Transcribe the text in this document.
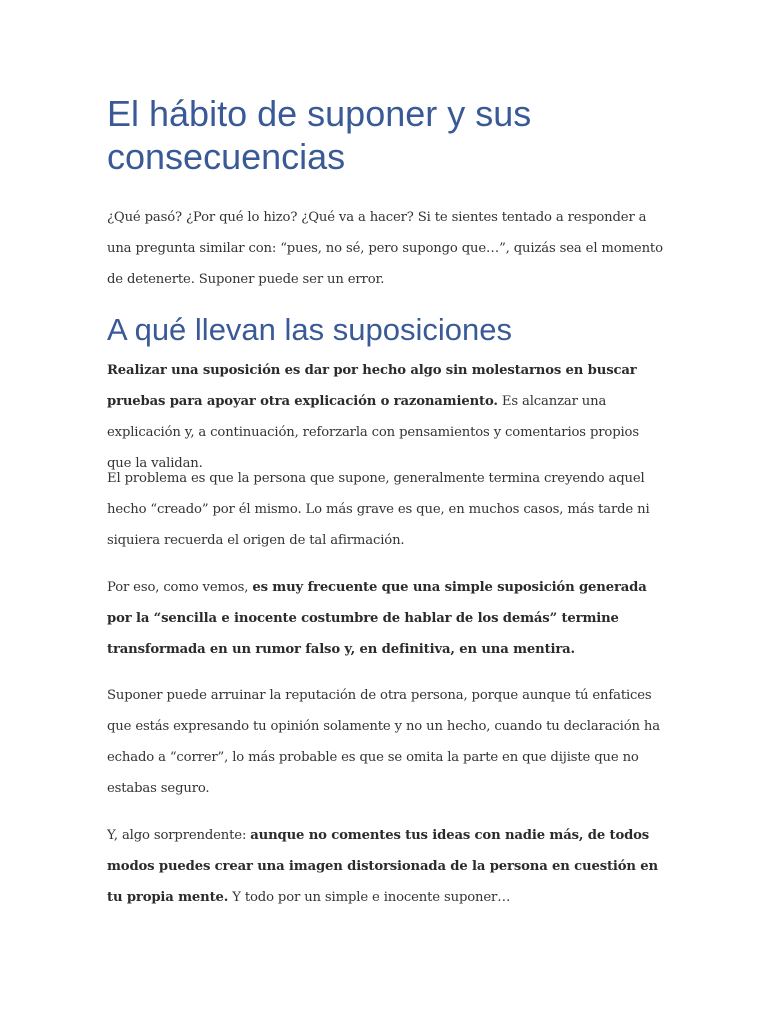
El hábito de suponer y sus consecuencias

¿Qué pasó? ¿Por qué lo hizo? ¿Qué va a hacer? Si te sientes tentado a responder a una pregunta similar con: “pues, no sé, pero supongo que…”, quizás sea el momento de detenerte. Suponer puede ser un error.

A qué llevan las suposiciones

Realizar una suposición es dar por hecho algo sin molestarnos en buscar pruebas para apoyar otra explicación o razonamiento. Es alcanzar una explicación y, a continuación, reforzarla con pensamientos y comentarios propios que la validan.

El problema es que la persona que supone, generalmente termina creyendo aquel hecho “creado” por él mismo. Lo más grave es que, en muchos casos, más tarde ni siquiera recuerda el origen de tal afirmación.

Por eso, como vemos, es muy frecuente que una simple suposición generada por la “sencilla e inocente costumbre de hablar de los demás” termine transformada en un rumor falso y, en definitiva, en una mentira.

Suponer puede arruinar la reputación de otra persona, porque aunque tú enfatices que estás expresando tu opinión solamente y no un hecho, cuando tu declaración ha echado a “correr”, lo más probable es que se omita la parte en que dijiste que no estabas seguro.

Y, algo sorprendente: aunque no comentes tus ideas con nadie más, de todos modos puedes crear una imagen distorsionada de la persona en cuestión en tu propia mente. Y todo por un simple e inocente suponer…
